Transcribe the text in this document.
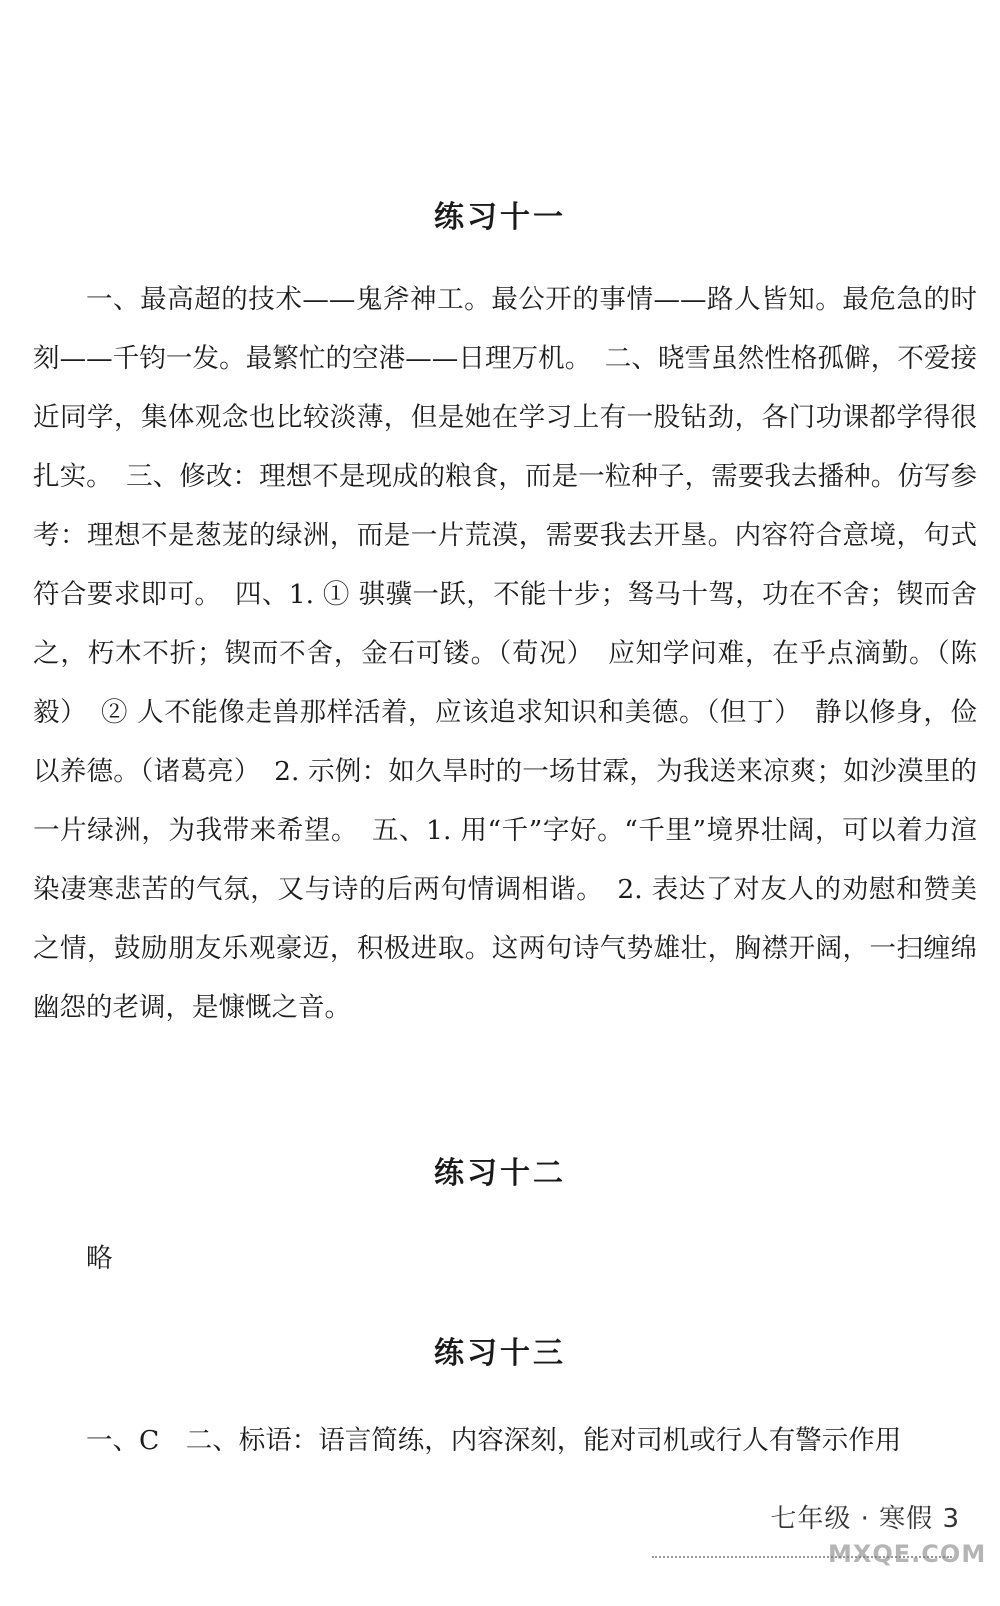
练习十一

一、最高超的技术——鬼斧神工。最公开的事情——路人皆知。最危急的时刻——千钧一发。最繁忙的空港——日理万机。　二、晓雪虽然性格孤僻，不爱接近同学，集体观念也比较淡薄，但是她在学习上有一股钻劲，各门功课都学得很扎实。　三、修改：理想不是现成的粮食，而是一粒种子，需要我去播种。仿写参考：理想不是葱茏的绿洲，而是一片荒漠，需要我去开垦。内容符合意境，句式符合要求即可。　四、1. ① 骐骥一跃，不能十步；驽马十驾，功在不舍；锲而舍之，朽木不折；锲而不舍，金石可镂。（荀况）　应知学问难，在乎点滴勤。（陈毅）　② 人不能像走兽那样活着，应该追求知识和美德。（但丁）　静以修身，俭以养德。（诸葛亮）　2. 示例：如久旱时的一场甘霖，为我送来凉爽；如沙漠里的一片绿洲，为我带来希望。　五、1. 用“千”字好。“千里”境界壮阔，可以着力渲染凄寒悲苦的气氛，又与诗的后两句情调相谐。　2. 表达了对友人的劝慰和赞美之情，鼓励朋友乐观豪迈，积极进取。这两句诗气势雄壮，胸襟开阔，一扫缠绵幽怨的老调，是慷慨之音。

练习十二
略
练习十三
一、C　二、标语：语言简练，内容深刻，能对司机或行人有警示作用
七年级 · 寒假 3
MXQE.COM
